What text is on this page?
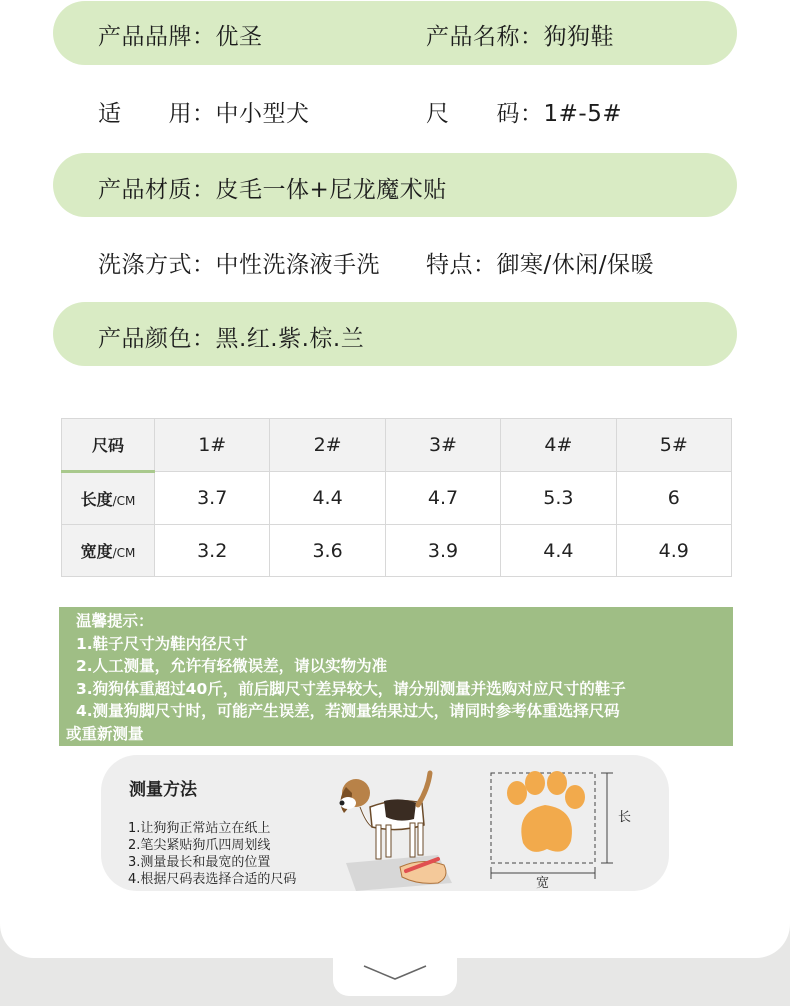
产品品牌：优圣	产品名称：狗狗鞋
适　　用：中小型犬	尺　　码：1#-5#
产品材质：皮毛一体+尼龙魔术贴
洗涤方式：中性洗涤液手洗 特点：御寒/休闲/保暖
产品颜色：黑.红.紫.棕.兰
尺码	1#	2#	3#	4#	5#
长度/CM	3.7	4.4	4.7	5.3	6
宽度/CM	3.2	3.6	3.9	4.4	4.9
温馨提示：
1.鞋子尺寸为鞋内径尺寸
2.人工测量，允许有轻微误差，请以实物为准
3.狗狗体重超过40斤，前后脚尺寸差异较大，请分别测量并选购对应尺寸的鞋子
4.测量狗脚尺寸时，可能产生误差，若测量结果过大，请同时参考体重选择尺码
或重新测量
测量方法
1.让狗狗正常站立在纸上
2.笔尖紧贴狗爪四周划线
3.测量最长和最宽的位置
4.根据尺码表选择合适的尺码
长
宽
